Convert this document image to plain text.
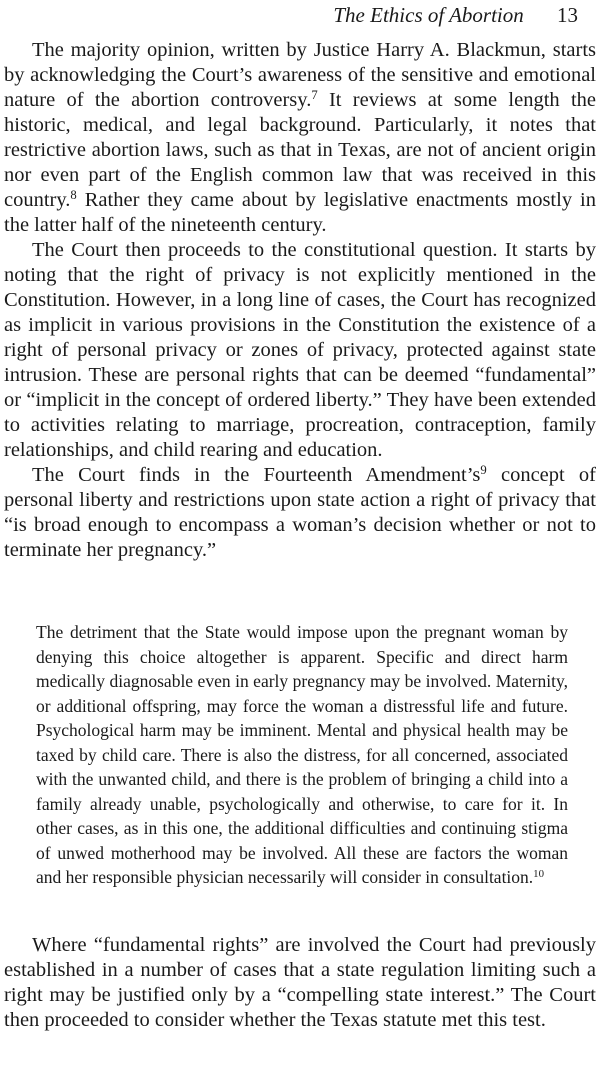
The Ethics of Abortion 13

The majority opinion, written by Justice Harry A. Blackmun, starts by acknowledging the Court’s awareness of the sensitive and emotional nature of the abortion controversy.$^7$ It reviews at some length the historic, medical, and legal background. Particularly, it notes that restrictive abortion laws, such as that in Texas, are not of ancient origin nor even part of the English common law that was received in this country.$^8$ Rather they came about by legislative enactments mostly in the latter half of the nineteenth century.

The Court then proceeds to the constitutional question. It starts by noting that the right of privacy is not explicitly mentioned in the Constitution. However, in a long line of cases, the Court has recognized as implicit in various provisions in the Constitution the existence of a right of personal privacy or zones of privacy, protected against state intrusion. These are personal rights that can be deemed “fundamental” or “implicit in the concept of ordered liberty.” They have been extended to activities relating to marriage, procreation, contraception, family relationships, and child rearing and education.

The Court finds in the Fourteenth $Amendment’s^9$ concept of personal liberty and restrictions upon state action a right of privacy that “is broad enough to encompass a woman’s decision whether or not to terminate her pregnancy.”

The detriment that the State would impose upon the pregnant woman by denying this choice altogether is apparent. Specific and direct harm medically diagnosable even in early pregnancy may be involved. Maternity, or additional offspring, may force the woman a distressful life and future. Psychological harm may be imminent. Mental and physical health may be taxed by child care. There is also the distress, for all concerned, associated with the unwanted child, and there is the problem of bringing a child into a family already unable, psychologically and otherwise, to care for it. In other cases, as in this one, the additional difficulties and continuing stigma of unwed motherhood may be involved. All these are factors the woman and her responsible physician necessarily will consider in consultation.$^{10}$

Where “fundamental rights” are involved the Court had previously established in a number of cases that a state regulation limiting such a right may be justified only by a “compelling state interest.” The Court then proceeded to consider whether the Texas statute met this test.
